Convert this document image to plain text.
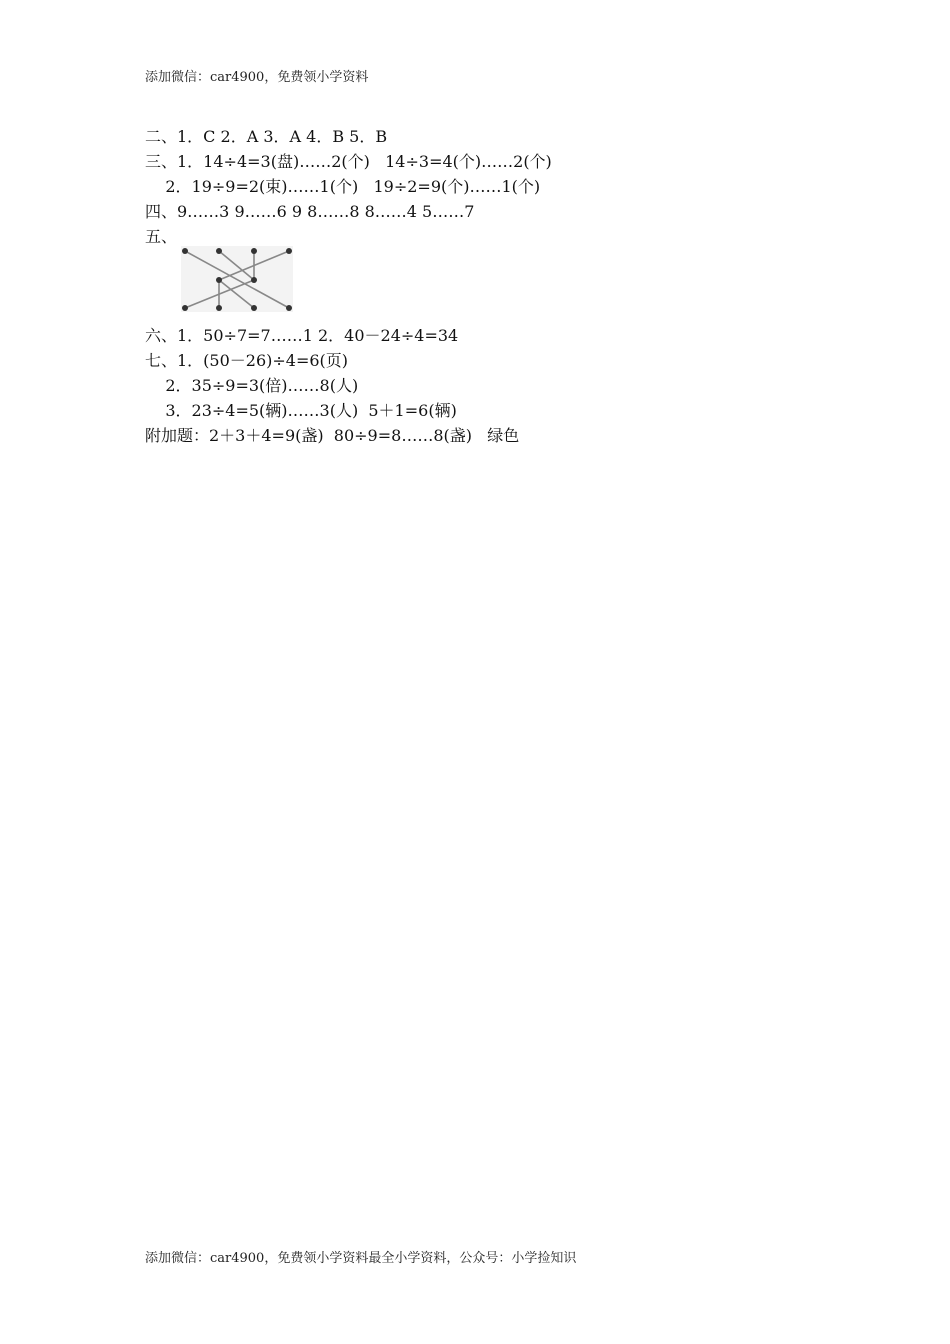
添加微信：car4900，免费领小学资料
二、1．C 2．A 3．A 4．B 5．B
三、1．14÷4=3(盘)……2(个)   14÷3=4(个)……2(个)
2．19÷9=2(束)……1(个)   19÷2=9(个)……1(个)
四、9……3 9……6 9 8……8 8……4 5……7
五、
六、1．50÷7=7……1 2．40－24÷4=34
七、1．(50－26)÷4=6(页)
2．35÷9=3(倍)……8(人)
3．23÷4=5(辆)……3(人)  5＋1=6(辆)
附加题：2＋3＋4=9(盏)  80÷9=8……8(盏)   绿色
添加微信：car4900，免费领小学资料最全小学资料，公众号：小学捡知识
